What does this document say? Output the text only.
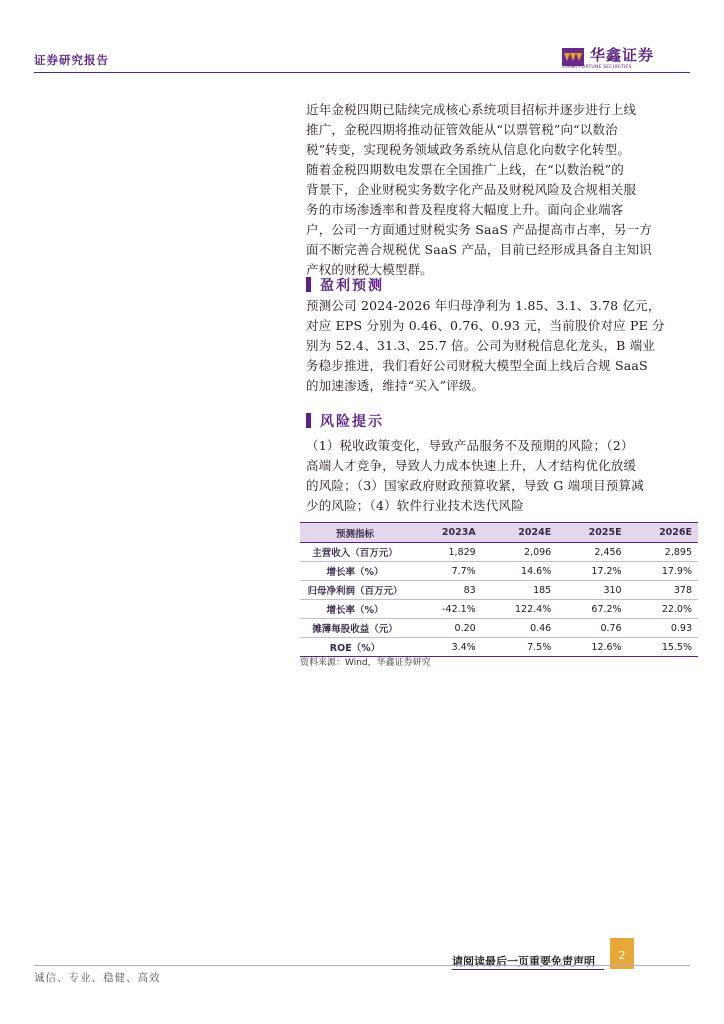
证券研究报告	华鑫证券
CHINA FORTUNE SECURITIES
近年金税四期已陆续完成核心系统项目招标并逐步进行上线
推广，金税四期将推动征管效能从“以票管税”向“以数治
税”转变，实现税务领域政务系统从信息化向数字化转型。
随着金税四期数电发票在全国推广上线，在“以数治税”的
背景下，企业财税实务数字化产品及财税风险及合规相关服
务的市场渗透率和普及程度将大幅度上升。面向企业端客
户，公司一方面通过财税实务 SaaS 产品提高市占率，另一方
面不断完善合规税优 SaaS 产品，目前已经形成具备自主知识
产权的财税大模型群。
盈利预测
预测公司 2024-2026 年归母净利为 1.85、3.1、3.78 亿元，
对应 EPS 分别为 0.46、0.76、0.93 元，当前股价对应 PE 分
别为 52.4、31.3、25.7 倍。公司为财税信息化龙头，B 端业
务稳步推进，我们看好公司财税大模型全面上线后合规 SaaS
的加速渗透，维持“买入”评级。
风险提示
（1）税收政策变化，导致产品服务不及预期的风险；（2）
高端人才竞争，导致人力成本快速上升，人才结构优化放缓
的风险；（3）国家政府财政预算收紧，导致 G 端项目预算减
少的风险；（4）软件行业技术迭代风险
预测指标	2023A	2024E	2025E	2026E
主营收入（百万元）	1,829	2,096	2,456	2,895
增长率（%）	7.7%	14.6%	17.2%	17.9%
归母净利润（百万元）	83	185	310	378
增长率（%）	-42.1%	122.4%	67.2%	22.0%
摊薄每股收益（元）	0.20	0.46	0.76	0.93
ROE（%）	3.4%	7.5%	12.6%	15.5%
资料来源：Wind，华鑫证券研究
请阅读最后一页重要免责声明	2
诚信、专业、稳健、高效
